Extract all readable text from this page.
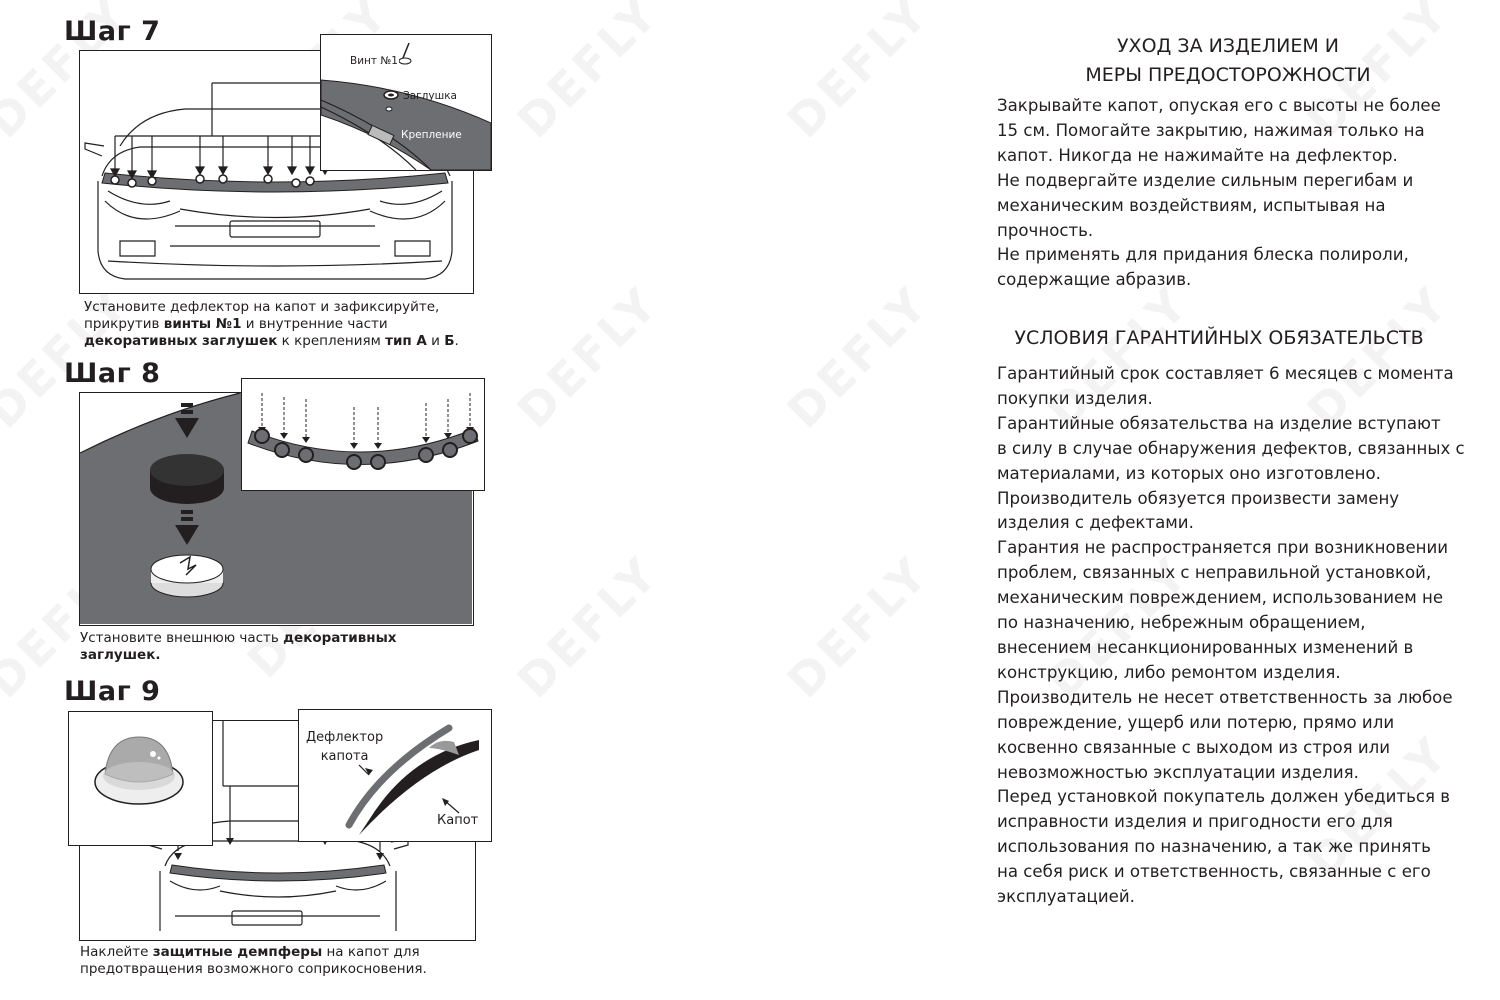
Шаг 7
Винт №1
Заглушка
Крепление
Установите дефлектор на капот и зафиксируйте,
прикрутив винты №1 и внутренние части
декоративных заглушек к креплениям тип А и Б.
Шаг 8
Установите внешнюю часть декоративных
заглушек.
Шаг 9
Дефлектор
капота
Капот
Наклейте защитные демпферы на капот для
предотвращения возможного соприкосновения.
УХОД ЗА ИЗДЕЛИЕМ И
МЕРЫ ПРЕДОСТОРОЖНОСТИ

Закрывайте капот, опуская его с высоты не более

15 см. Помогайте закрытию, нажимая только на

капот. Никогда не нажимайте на дефлектор.

Не подвергайте изделие сильным перегибам и

механическим воздействиям, испытывая на

прочность.

Не применять для придания блеска полироли,

содержащие абразив.

УСЛОВИЯ ГАРАНТИЙНЫХ ОБЯЗАТЕЛЬСТВ

Гарантийный срок составляет 6 месяцев с момента

покупки изделия.

Гарантийные обязательства на изделие вступают

в силу в случае обнаружения дефектов, связанных с

материалами, из которых оно изготовлено.

Производитель обязуется произвести замену

изделия с дефектами.

Гарантия не распространяется при возникновении

проблем, связанных с неправильной установкой,

механическим повреждением, использованием не

по назначению, небрежным обращением,

внесением несанкционированных изменений в

конструкцию, либо ремонтом изделия.

Производитель не несет ответственность за любое

повреждение, ущерб или потерю, прямо или

косвенно связанные с выходом из строя или

невозможностью эксплуатации изделия.

Перед установкой покупатель должен убедиться в

исправности изделия и пригодности его для

использования по назначению, а так же принять

на себя риск и ответственность, связанные с его

эксплуатацией.
